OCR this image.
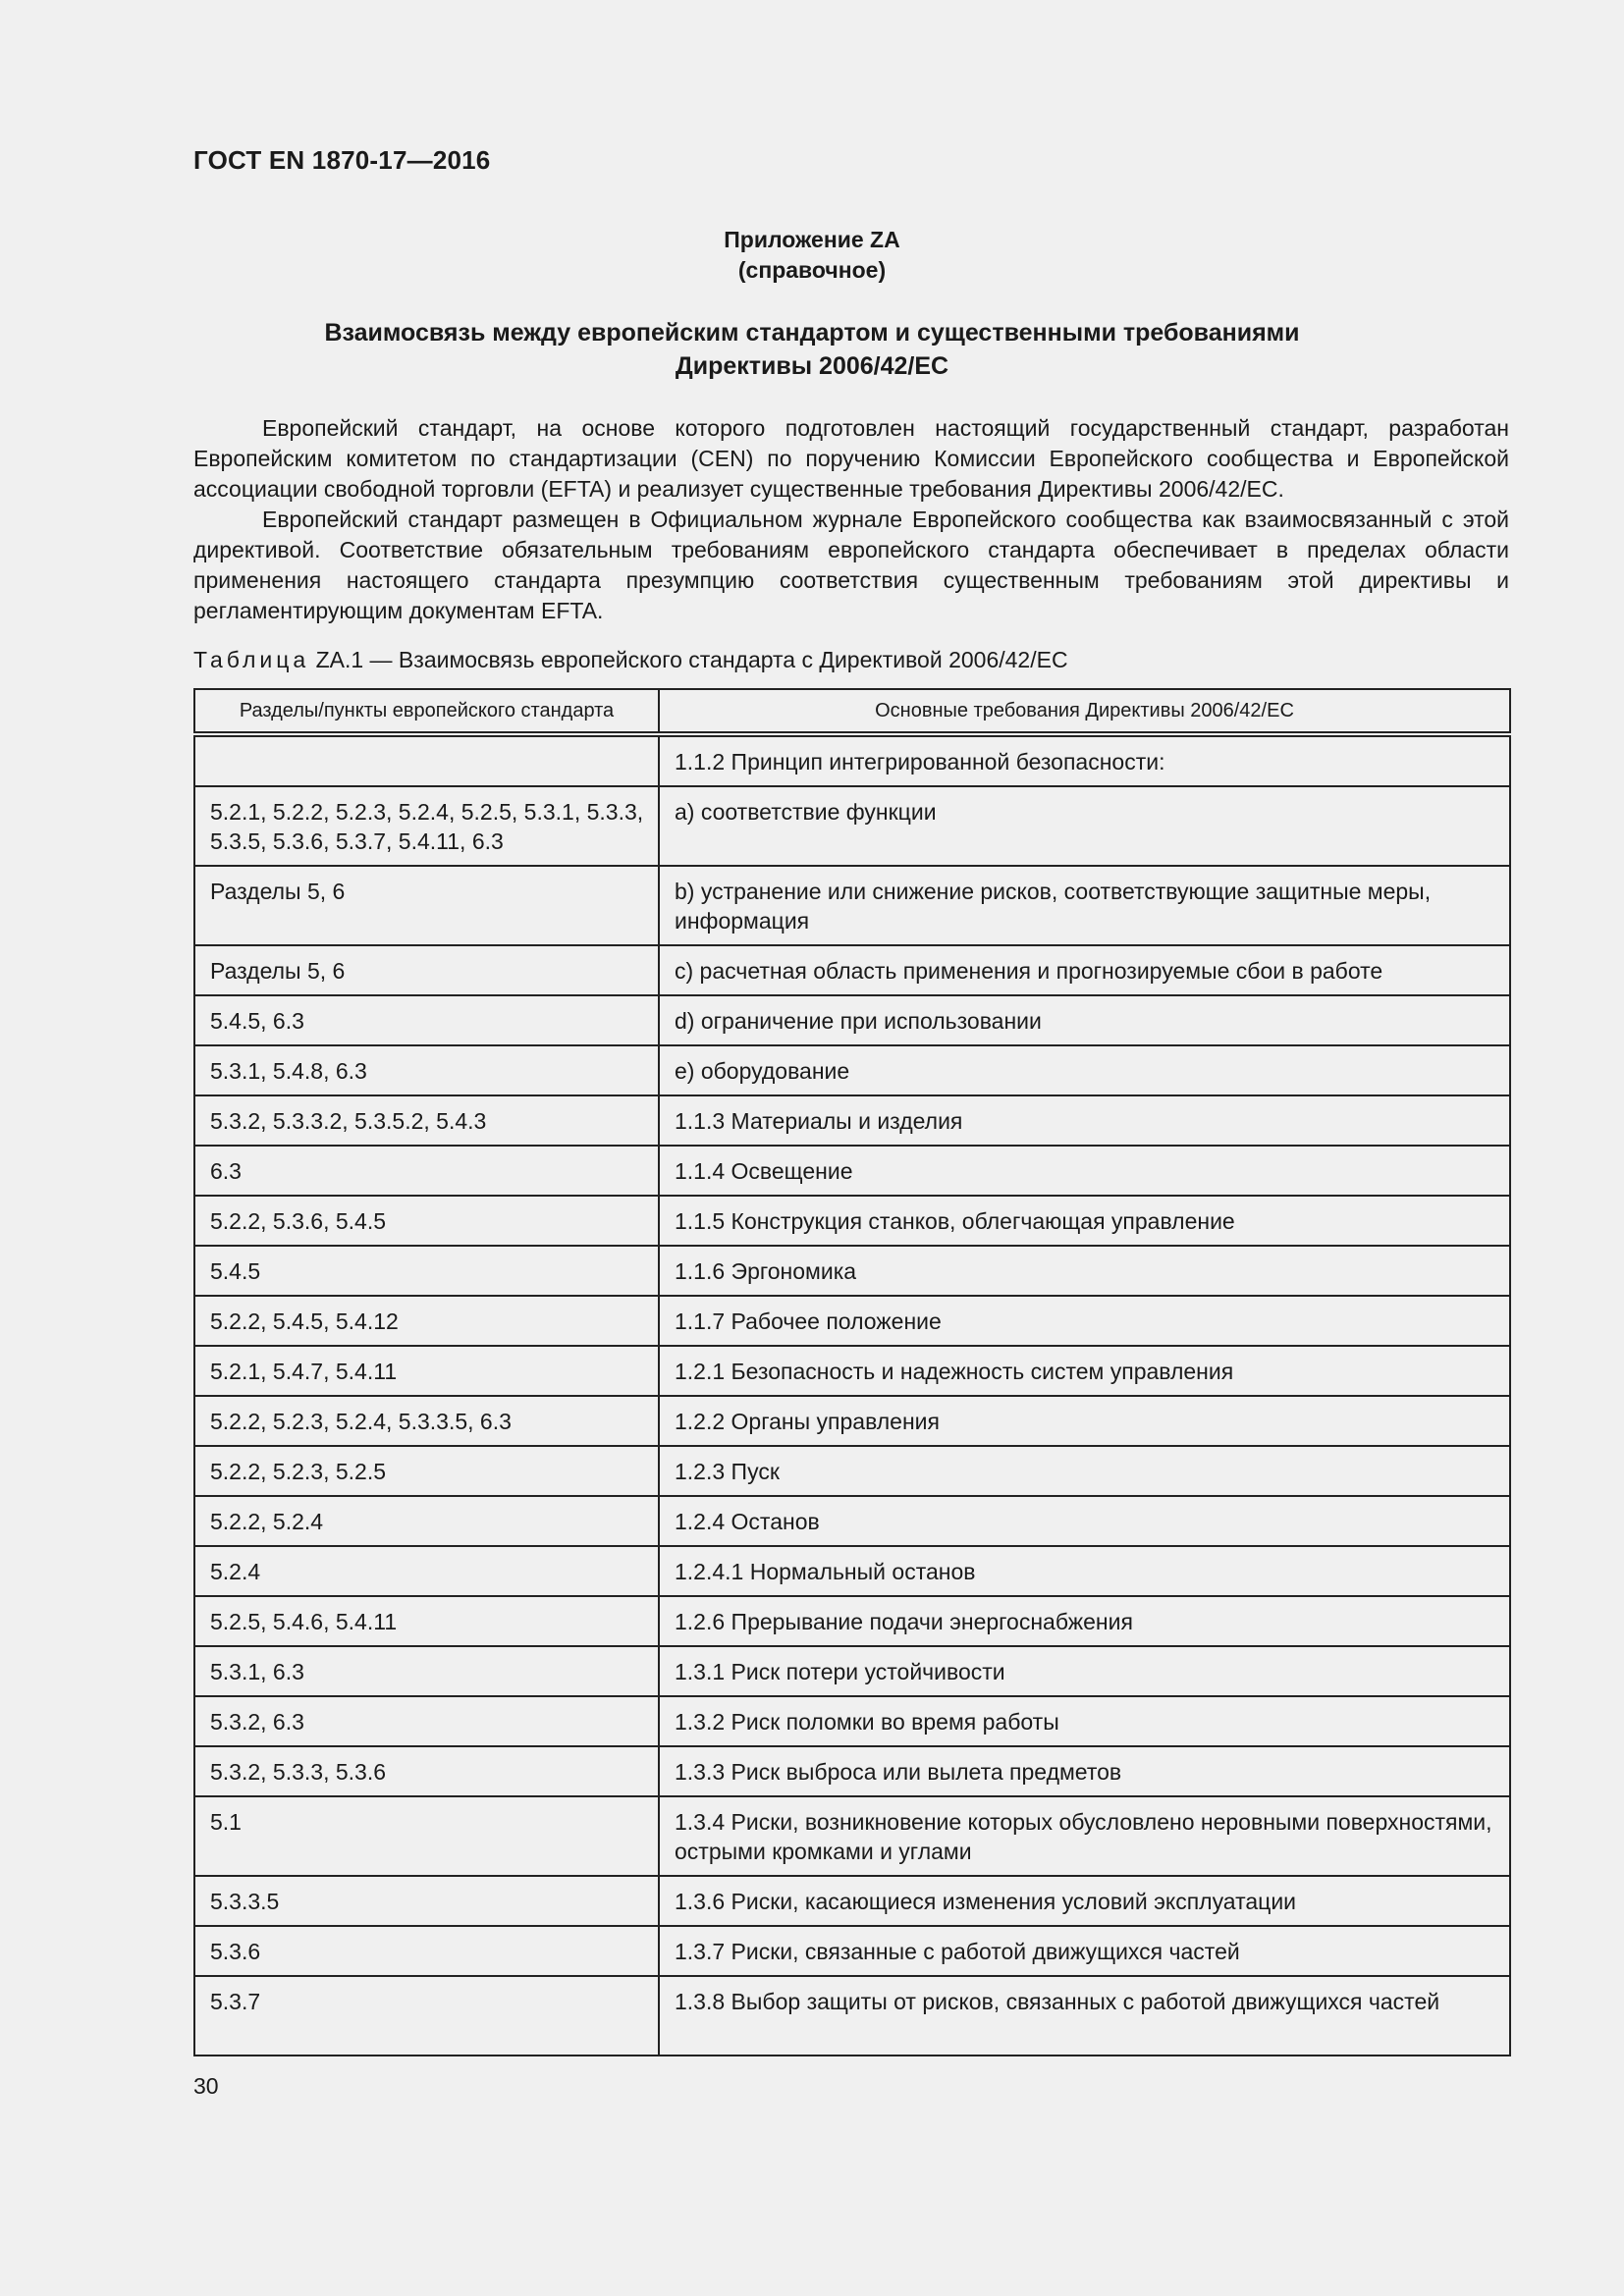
ГОСТ EN 1870-17—2016
Приложение ZA
(справочное)
Взаимосвязь между европейским стандартом и существенными требованиями
Директивы 2006/42/ЕС

Европейский стандарт, на основе которого подготовлен настоящий государственный стандарт, разработан Европейским комитетом по стандартизации (CEN) по поручению Комиссии Европейского сообщества и Европейской ассоциации свободной торговли (EFTA) и реализует существенные требования Директивы 2006/42/ЕС.

Европейский стандарт размещен в Официальном журнале Европейского сообщества как взаимосвязанный с этой директивой. Соответствие обязательным требованиям европейского стандарта обеспечивает в пределах области применения настоящего стандарта презумпцию соответствия существенным требованиям этой директивы и регламентирующим документам EFTA.

Таблица ZA.1 — Взаимосвязь европейского стандарта с Директивой 2006/42/ЕС
Разделы/пункты европейского стандарта	Основные требования Директивы 2006/42/ЕС
	1.1.2 Принцип интегрированной безопасности:
5.2.1, 5.2.2, 5.2.3, 5.2.4, 5.2.5, 5.3.1, 5.3.3, 5.3.5, 5.3.6, 5.3.7, 5.4.11, 6.3	а) соответствие функции
Разделы 5, 6	b) устранение или снижение рисков, соответствующие защитные меры, информация
Разделы 5, 6	с) расчетная область применения и прогнозируемые сбои в работе
5.4.5, 6.3	d) ограничение при использовании
5.3.1, 5.4.8, 6.3	е) оборудование
5.3.2, 5.3.3.2, 5.3.5.2, 5.4.3	1.1.3 Материалы и изделия
6.3	1.1.4 Освещение
5.2.2, 5.3.6, 5.4.5	1.1.5 Конструкция станков, облегчающая управление
5.4.5	1.1.6 Эргономика
5.2.2, 5.4.5, 5.4.12	1.1.7 Рабочее положение
5.2.1, 5.4.7, 5.4.11	1.2.1 Безопасность и надежность систем управления
5.2.2, 5.2.3, 5.2.4, 5.3.3.5, 6.3	1.2.2 Органы управления
5.2.2, 5.2.3, 5.2.5	1.2.3 Пуск
5.2.2, 5.2.4	1.2.4 Останов
5.2.4	1.2.4.1 Нормальный останов
5.2.5, 5.4.6, 5.4.11	1.2.6 Прерывание подачи энергоснабжения
5.3.1, 6.3	1.3.1 Риск потери устойчивости
5.3.2, 6.3	1.3.2 Риск поломки во время работы
5.3.2, 5.3.3, 5.3.6	1.3.3 Риск выброса или вылета предметов
5.1	1.3.4 Риски, возникновение которых обусловлено неровными поверхностями, острыми кромками и углами
5.3.3.5	1.3.6 Риски, касающиеся изменения условий эксплуатации
5.3.6	1.3.7 Риски, связанные с работой движущихся частей
5.3.7	1.3.8 Выбор защиты от рисков, связанных с работой движущихся частей
30
